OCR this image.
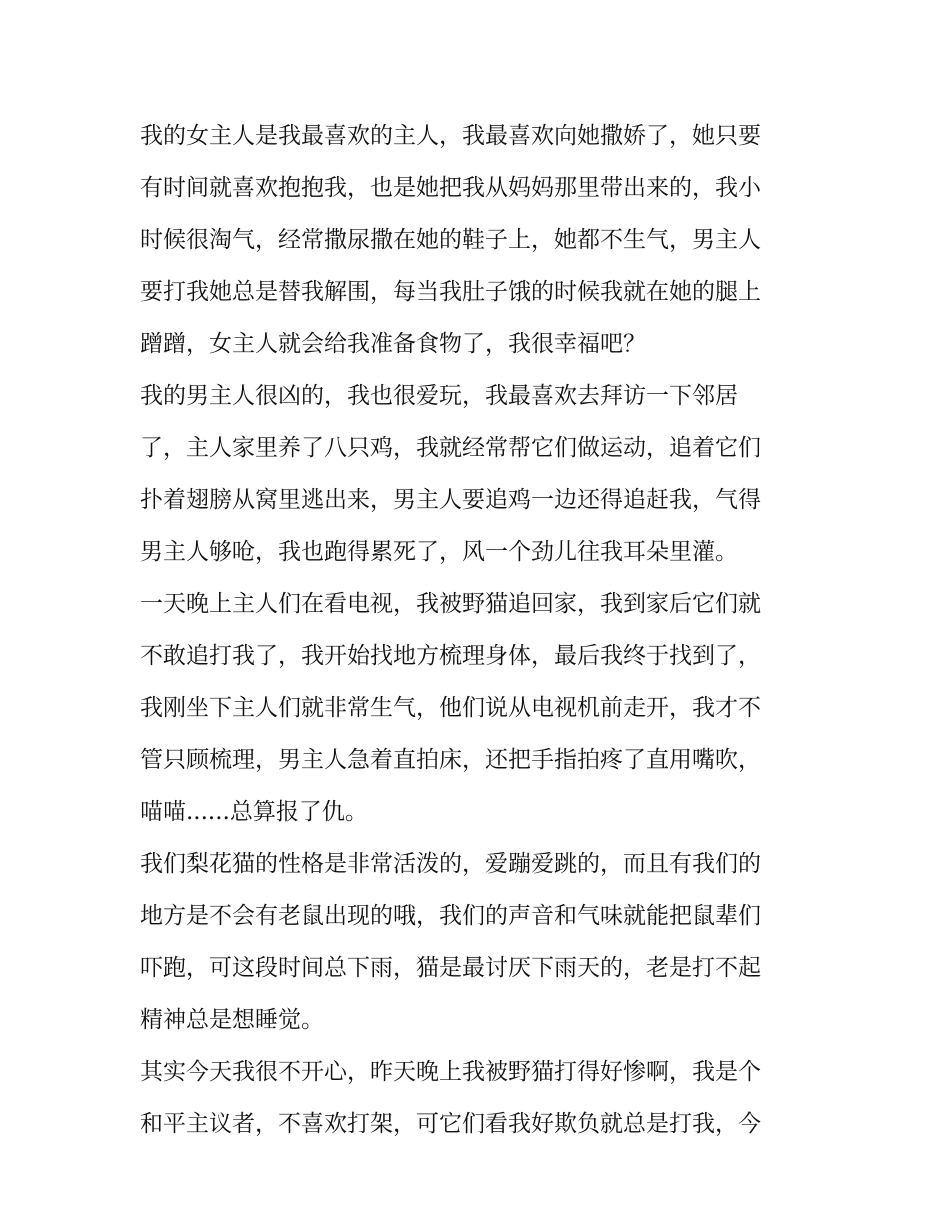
我的女主人是我最喜欢的主人，我最喜欢向她撒娇了，她只要
有时间就喜欢抱抱我，也是她把我从妈妈那里带出来的，我小
时候很淘气，经常撒尿撒在她的鞋子上，她都不生气，男主人
要打我她总是替我解围，每当我肚子饿的时候我就在她的腿上
蹭蹭，女主人就会给我准备食物了，我很幸福吧？
我的男主人很凶的，我也很爱玩，我最喜欢去拜访一下邻居
了，主人家里养了八只鸡，我就经常帮它们做运动，追着它们
扑着翅膀从窝里逃出来，男主人要追鸡一边还得追赶我，气得
男主人够呛，我也跑得累死了，风一个劲儿往我耳朵里灌。
一天晚上主人们在看电视，我被野猫追回家，我到家后它们就
不敢追打我了，我开始找地方梳理身体，最后我终于找到了，
我刚坐下主人们就非常生气，他们说从电视机前走开，我才不
管只顾梳理，男主人急着直拍床，还把手指拍疼了直用嘴吹，
喵喵......总算报了仇。
我们梨花猫的性格是非常活泼的，爱蹦爱跳的，而且有我们的
地方是不会有老鼠出现的哦，我们的声音和气味就能把鼠辈们
吓跑，可这段时间总下雨，猫是最讨厌下雨天的，老是打不起
精神总是想睡觉。
其实今天我很不开心，昨天晚上我被野猫打得好惨啊，我是个
和平主议者，不喜欢打架，可它们看我好欺负就总是打我，今
